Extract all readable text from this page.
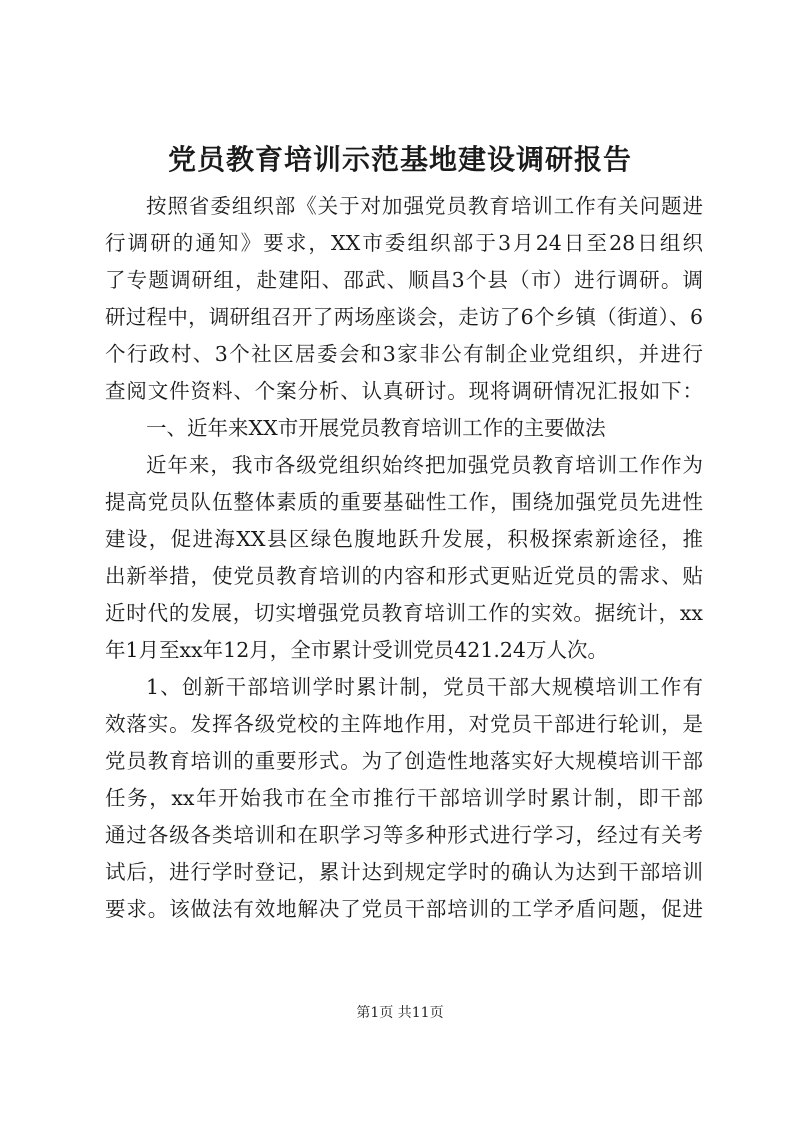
党员教育培训示范基地建设调研报告
按照省委组织部《关于对加强党员教育培训工作有关问题进
行调研的通知》要求，XX市委组织部于3月24日至28日组织
了专题调研组，赴建阳、邵武、顺昌3个县（市）进行调研。调
研过程中，调研组召开了两场座谈会，走访了6个乡镇（街道）、6
个行政村、3个社区居委会和3家非公有制企业党组织，并进行
查阅文件资料、个案分析、认真研讨。现将调研情况汇报如下：
一、近年来XX市开展党员教育培训工作的主要做法
近年来，我市各级党组织始终把加强党员教育培训工作作为
提高党员队伍整体素质的重要基础性工作，围绕加强党员先进性
建设，促进海XX县区绿色腹地跃升发展，积极探索新途径，推
出新举措，使党员教育培训的内容和形式更贴近党员的需求、贴
近时代的发展，切实增强党员教育培训工作的实效。据统计，xx
年1月至xx年12月，全市累计受训党员421.24万人次。
1、创新干部培训学时累计制，党员干部大规模培训工作有
效落实。发挥各级党校的主阵地作用，对党员干部进行轮训，是
党员教育培训的重要形式。为了创造性地落实好大规模培训干部
任务，xx年开始我市在全市推行干部培训学时累计制，即干部
通过各级各类培训和在职学习等多种形式进行学习，经过有关考
试后，进行学时登记，累计达到规定学时的确认为达到干部培训
要求。该做法有效地解决了党员干部培训的工学矛盾问题，促进
第1页 共11页
